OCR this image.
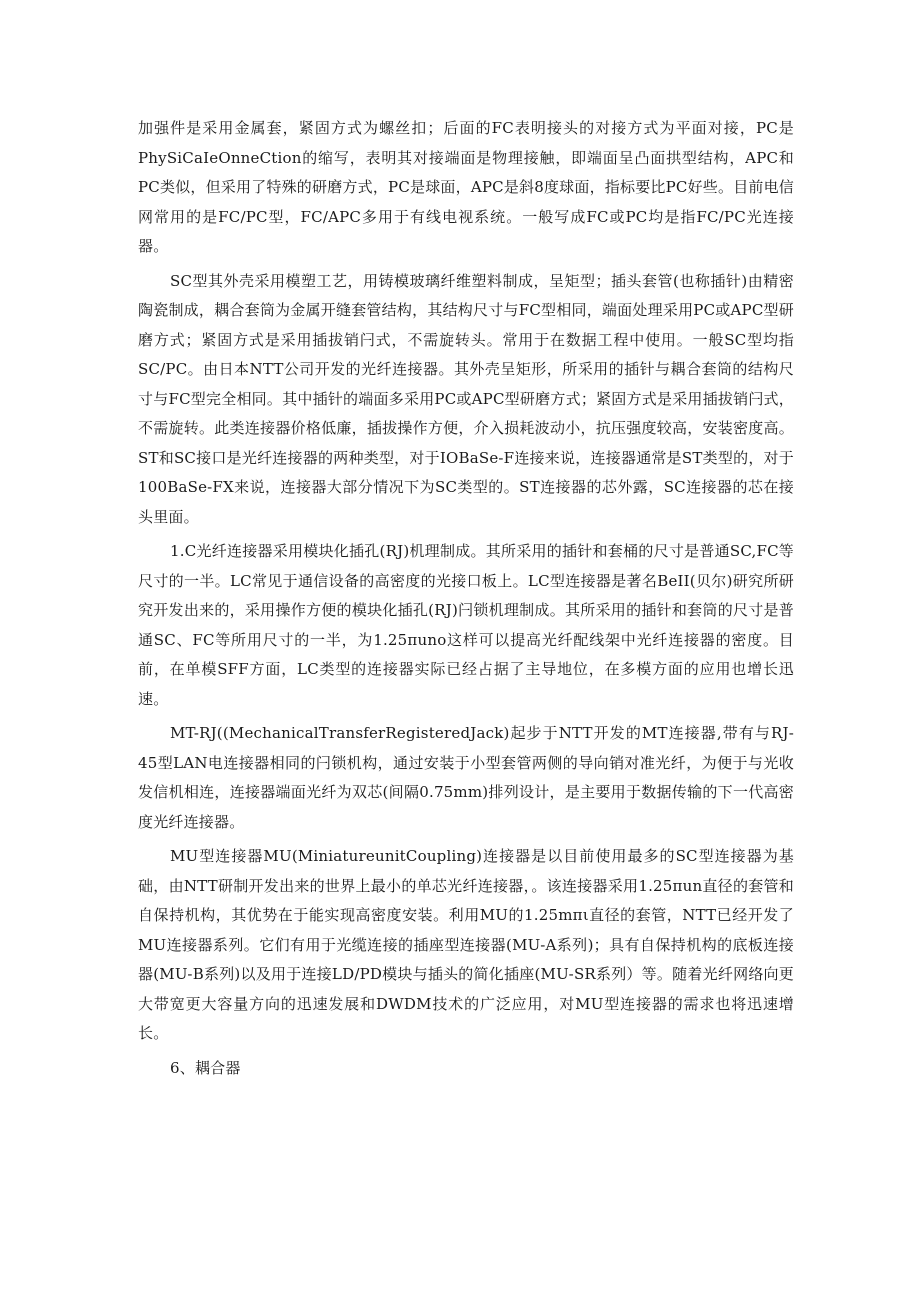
加强件是采用金属套，紧固方式为螺丝扣；后面的FC表明接头的对接方式为平面对接，PC是PhySiCaIeOnneCtion的缩写，表明其对接端面是物理接触，即端面呈凸面拱型结构，APC和PC类似，但采用了特殊的研磨方式，PC是球面，APC是斜8度球面，指标要比PC好些。目前电信网常用的是FC/PC型，FC/APC多用于有线电视系统。一般写成FC或PC均是指FC/PC光连接器。

SC型其外壳采用模塑工艺，用铸模玻璃纤维塑料制成，呈矩型；插头套管(也称插针)由精密陶瓷制成，耦合套筒为金属开缝套管结构，其结构尺寸与FC型相同，端面处理采用PC或APC型研磨方式；紧固方式是采用插拔销闩式，不需旋转头。常用于在数据工程中使用。一般SC型均指SC/PC。由日本NTT公司开发的光纤连接器。其外壳呈矩形，所采用的插针与耦合套筒的结构尺寸与FC型完全相同。其中插针的端面多采用PC或APC型研磨方式；紧固方式是采用插拔销闩式，不需旋转。此类连接器价格低廉，插拔操作方便，介入损耗波动小，抗压强度较高，安装密度高。ST和SC接口是光纤连接器的两种类型，对于IOBaSe-F连接来说，连接器通常是ST类型的，对于100BaSe-FX来说，连接器大部分情况下为SC类型的。ST连接器的芯外露，SC连接器的芯在接头里面。

1.C光纤连接器采用模块化插孔(RJ)机理制成。其所采用的插针和套桶的尺寸是普通SC,FC等尺寸的一半。LC常见于通信设备的高密度的光接口板上。LC型连接器是著名BeII(贝尔)研究所研究开发出来的，采用操作方便的模块化插孔(RJ)闩锁机理制成。其所采用的插针和套筒的尺寸是普通SC、FC等所用尺寸的一半，为1.25πuno这样可以提高光纤配线架中光纤连接器的密度。目前，在单模SFF方面，LC类型的连接器实际已经占据了主导地位，在多模方面的应用也增长迅速。

MT-RJ((MechanicalTransferRegisteredJack)起步于NTT开发的MT连接器,带有与RJ-45型LAN电连接器相同的闩锁机构，通过安装于小型套管两侧的导向销对准光纤，为便于与光收发信机相连，连接器端面光纤为双芯(间隔0.75mm)排列设计，是主要用于数据传输的下一代高密度光纤连接器。

MU型连接器MU(MiniatureunitCoupling)连接器是以目前使用最多的SC型连接器为基础，由NTT研制开发出来的世界上最小的单芯光纤连接器，。该连接器采用1.25πun直径的套管和自保持机构，其优势在于能实现高密度安装。利用MU的1.25mπι直径的套管，NTT已经开发了MU连接器系列。它们有用于光缆连接的插座型连接器(MU-A系列)；具有自保持机构的底板连接器(MU-B系列)以及用于连接LD/PD模块与插头的简化插座(MU-SR系列）等。随着光纤网络向更大带宽更大容量方向的迅速发展和DWDM技术的广泛应用，对MU型连接器的需求也将迅速增长。

6、耦合器
